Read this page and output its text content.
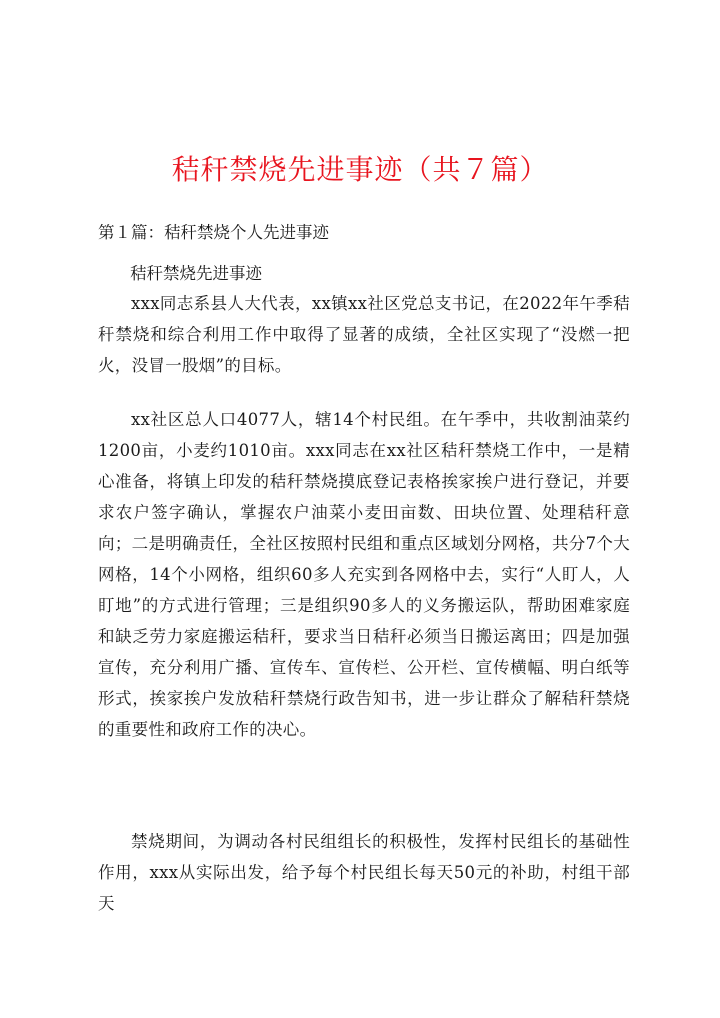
秸秆禁烧先进事迹（共７篇）
第１篇：秸秆禁烧个人先进事迹
秸秆禁烧先进事迹
xxx同志系县人大代表，xx镇xx社区党总支书记，在2022年午季秸秆禁烧和综合利用工作中取得了显著的成绩，全社区实现了“没燃一把火，没冒一股烟”的目标。
xx社区总人口4077人，辖14个村民组。在午季中，共收割油菜约1200亩，小麦约1010亩。xxx同志在xx社区秸秆禁烧工作中，一是精心准备，将镇上印发的秸秆禁烧摸底登记表格挨家挨户进行登记，并要求农户签字确认，掌握农户油菜小麦田亩数、田块位置、处理秸秆意向；二是明确责任，全社区按照村民组和重点区域划分网格，共分7个大网格，14个小网格，组织60多人充实到各网格中去，实行“人盯人，人盯地”的方式进行管理；三是组织90多人的义务搬运队，帮助困难家庭和缺乏劳力家庭搬运秸秆，要求当日秸秆必须当日搬运离田；四是加强宣传，充分利用广播、宣传车、宣传栏、公开栏、宣传横幅、明白纸等形式，挨家挨户发放秸秆禁烧行政告知书，进一步让群众了解秸秆禁烧的重要性和政府工作的决心。
禁烧期间，为调动各村民组组长的积极性，发挥村民组长的基础性作用，xxx从实际出发，给予每个村民组长每天50元的补助，村组干部天
